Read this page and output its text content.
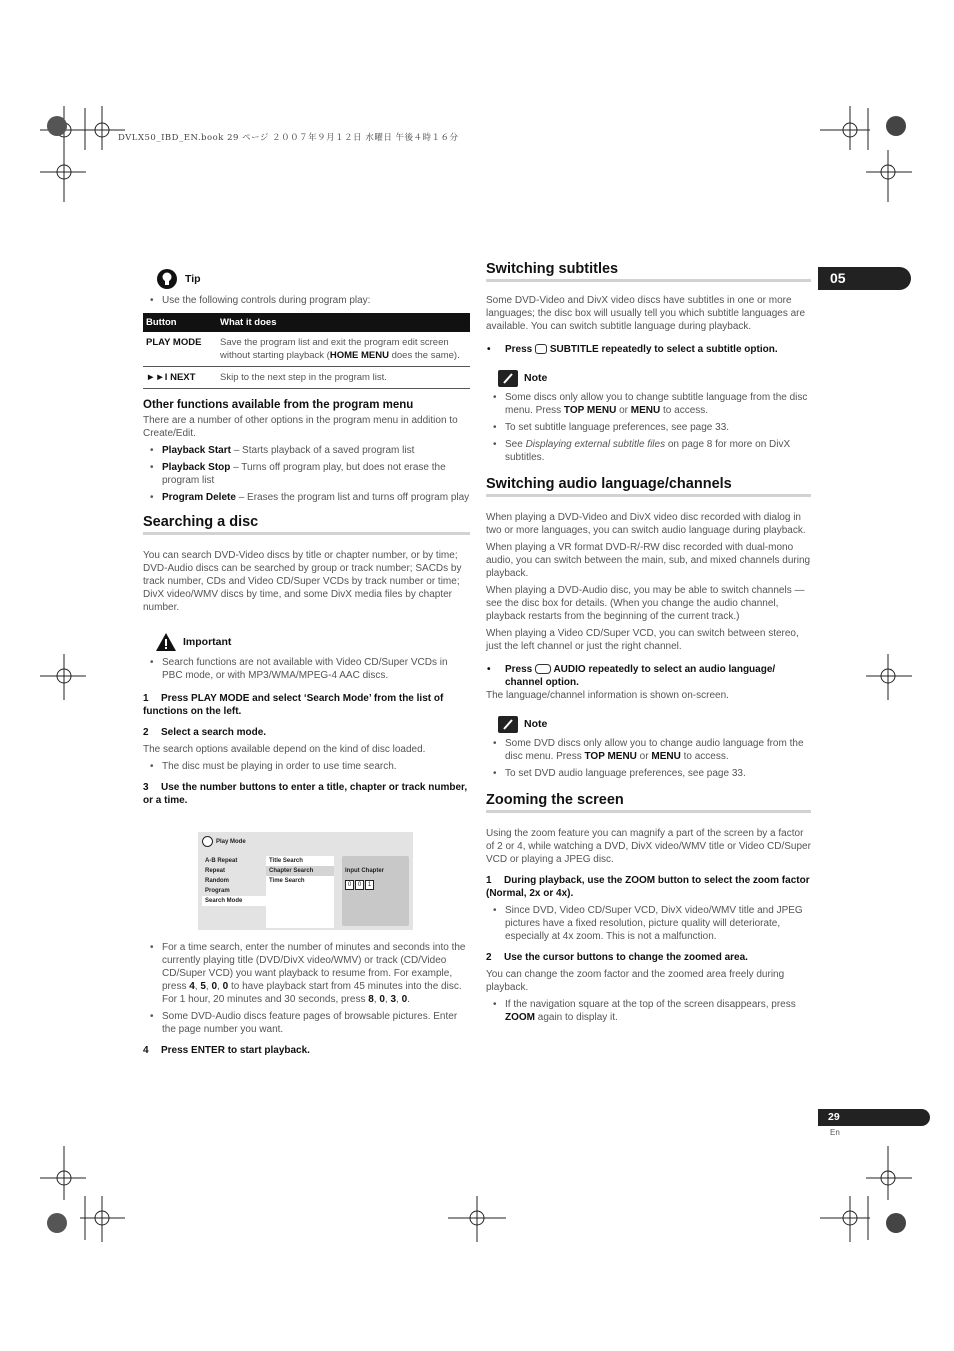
DVLX50_IBD_EN.book 29 ページ ２００７年９月１２日 水曜日 午後４時１６分
05
29
En
Tip

• Use the following controls during program play:

Button	What it does
PLAY MODE	Save the program list and exit the program edit screen without starting playback (HOME MENU does the same).
►►I NEXT	Skip to the next step in the program list.
Other functions available from the program menu

There are a number of other options in the program menu in addition to Create/Edit.

• Playback Start – Starts playback of a saved program list

• Playback Stop – Turns off program play, but does not erase the program list

• Program Delete – Erases the program list and turns off program play

Searching a disc

You can search DVD-Video discs by title or chapter number, or by time; DVD-Audio discs can be searched by group or track number; SACDs by track number, CDs and Video CD/Super VCDs by track number or time; DivX video/WMV discs by time, and some DivX media files by chapter number.

Important

• Search functions are not available with Video CD/Super VCDs in PBC mode, or with MP3/WMA/MPEG-4 AAC discs.

1 Press PLAY MODE and select ‘Search Mode’ from the list of functions on the left.

2 Select a search mode.

The search options available depend on the kind of disc loaded.

• The disc must be playing in order to use time search.

3 Use the number buttons to enter a title, chapter or track number, or a time.

Play Mode
A-B Repeat
Repeat
Random
Program
Search Mode
Title Search
Chapter Search
Time Search
Input Chapter
0 0 1

• For a time search, enter the number of minutes and seconds into the currently playing title (DVD/DivX video/WMV) or track (CD/Video CD/Super VCD) you want playback to resume from. For example, press 4, 5, 0, 0 to have playback start from 45 minutes into the disc. For 1 hour, 20 minutes and 30 seconds, press 8, 0, 3, 0.

• Some DVD-Audio discs feature pages of browsable pictures. Enter the page number you want.

4 Press ENTER to start playback.

Switching subtitles

Some DVD-Video and DivX video discs have subtitles in one or more languages; the disc box will usually tell you which subtitle languages are available. You can switch subtitle language during playback.

• Press SUBTITLE repeatedly to select a subtitle option.

Note

• Some discs only allow you to change subtitle language from the disc menu. Press TOP MENU or MENU to access.

• To set subtitle language preferences, see page 33.

• See Displaying external subtitle files on page 8 for more on DivX subtitles.

Switching audio language/channels

When playing a DVD-Video and DivX video disc recorded with dialog in two or more languages, you can switch audio language during playback.

When playing a VR format DVD-R/-RW disc recorded with dual-mono audio, you can switch between the main, sub, and mixed channels during playback.

When playing a DVD-Audio disc, you may be able to switch channels — see the disc box for details. (When you change the audio channel, playback restarts from the beginning of the current track.)

When playing a Video CD/Super VCD, you can switch between stereo, just the left channel or just the right channel.

• Press AUDIO repeatedly to select an audio language/ channel option.

The language/channel information is shown on-screen.

Note

• Some DVD discs only allow you to change audio language from the disc menu. Press TOP MENU or MENU to access.

• To set DVD audio language preferences, see page 33.

Zooming the screen

Using the zoom feature you can magnify a part of the screen by a factor of 2 or 4, while watching a DVD, DivX video/WMV title or Video CD/Super VCD or playing a JPEG disc.

1 During playback, use the ZOOM button to select the zoom factor (Normal, 2x or 4x).

• Since DVD, Video CD/Super VCD, DivX video/WMV title and JPEG pictures have a fixed resolution, picture quality will deteriorate, especially at 4x zoom. This is not a malfunction.

2 Use the cursor buttons to change the zoomed area.

You can change the zoom factor and the zoomed area freely during playback.

• If the navigation square at the top of the screen disappears, press ZOOM again to display it.
